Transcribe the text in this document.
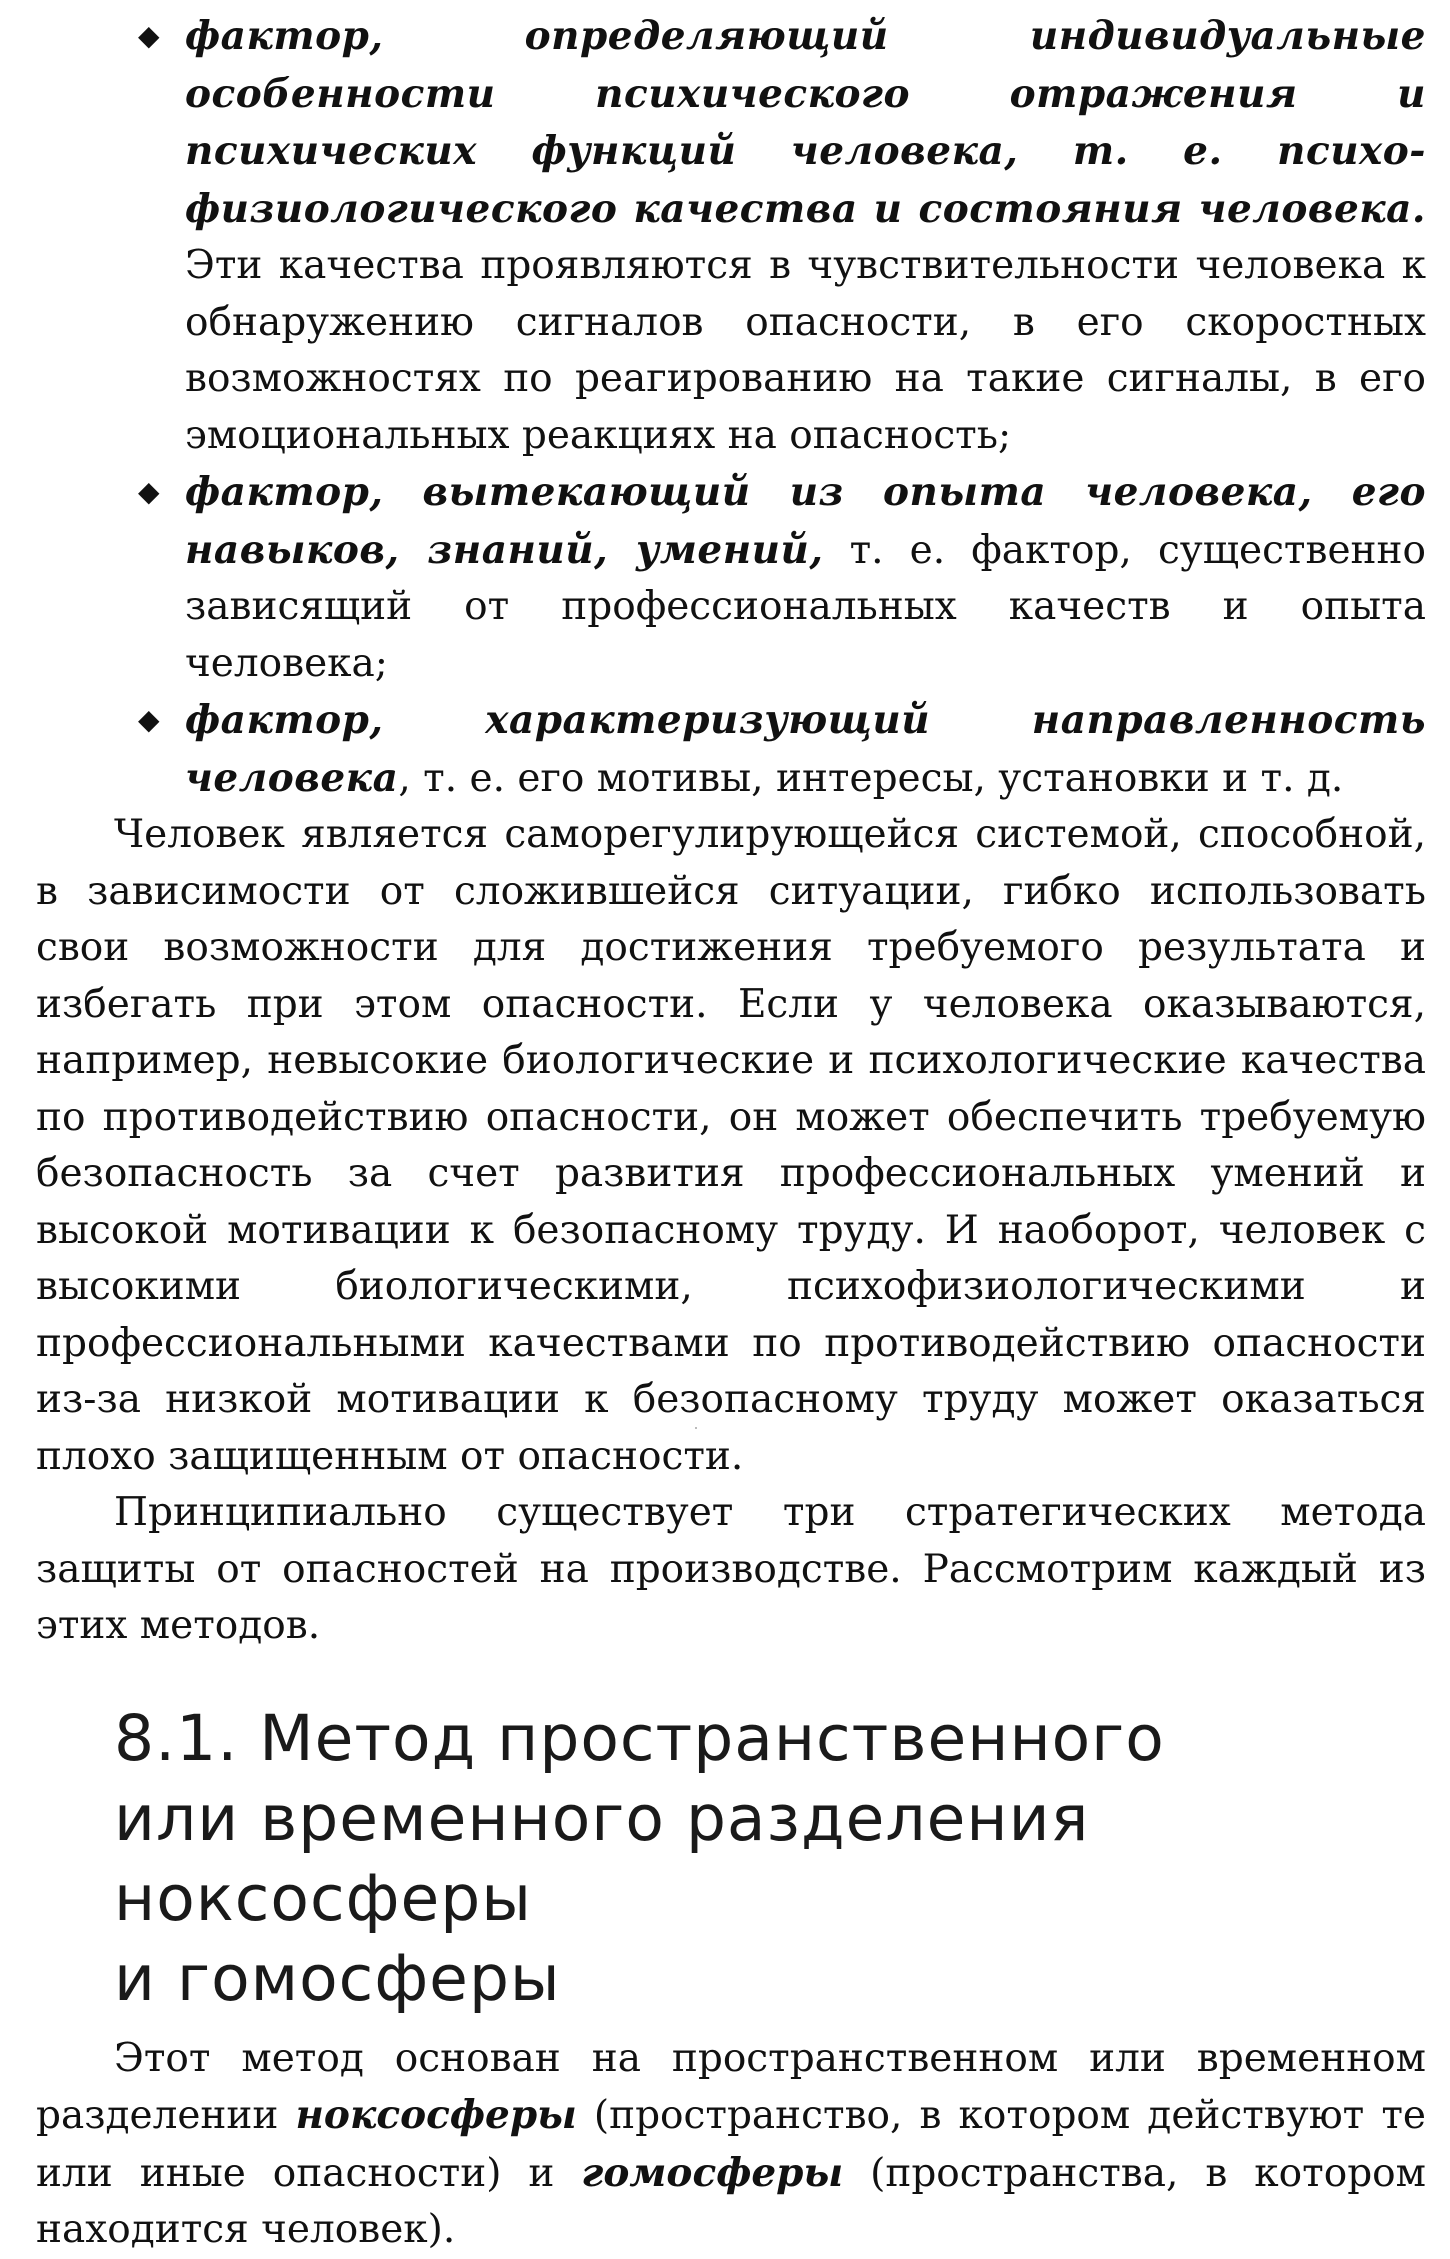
◆ фактор, определяющий индивидуальные особенности психического отражения и психических функций человека, т. е. психо-физиологического качества и состояния человека. Эти качества проявляются в чувствительности человека к обнаружению сигналов опасности, в его скоростных возможностях по реагированию на такие сигналы, в его эмоциональных реакциях на опасность;
◆ фактор, вытекающий из опыта человека, его навыков, знаний, умений, т. е. фактор, существенно зависящий от профессиональных качеств и опыта человека;
◆ фактор, характеризующий направленность человека, т. е. его мотивы, интересы, установки и т. д.

Человек является саморегулирующейся системой, способной, в зависимости от сложившейся ситуации, гибко использовать свои возможности для достижения требуемого результата и избегать при этом опасности. Если у человека оказываются, например, невысокие биологические и психологические качества по противодействию опасности, он может обеспечить требуемую безопасность за счет развития профессиональных умений и высокой мотивации к безопасному труду. И наоборот, человек с высокими биологическими, психофизиологическими и профессиональными качествами по противодействию опасности из-за низкой мотивации к безопасному труду может оказаться плохо защищенным от опасности.

Принципиально существует три стратегических метода защиты от опасностей на производстве. Рассмотрим каждый из этих методов.

8.1. Метод пространственного
или временного разделения ноксосферы
и гомосферы

Этот метод основан на пространственном или временном разделении ноксосферы (пространство, в котором действуют те или иные опасности) и гомосферы (пространства, в котором находится человек).
